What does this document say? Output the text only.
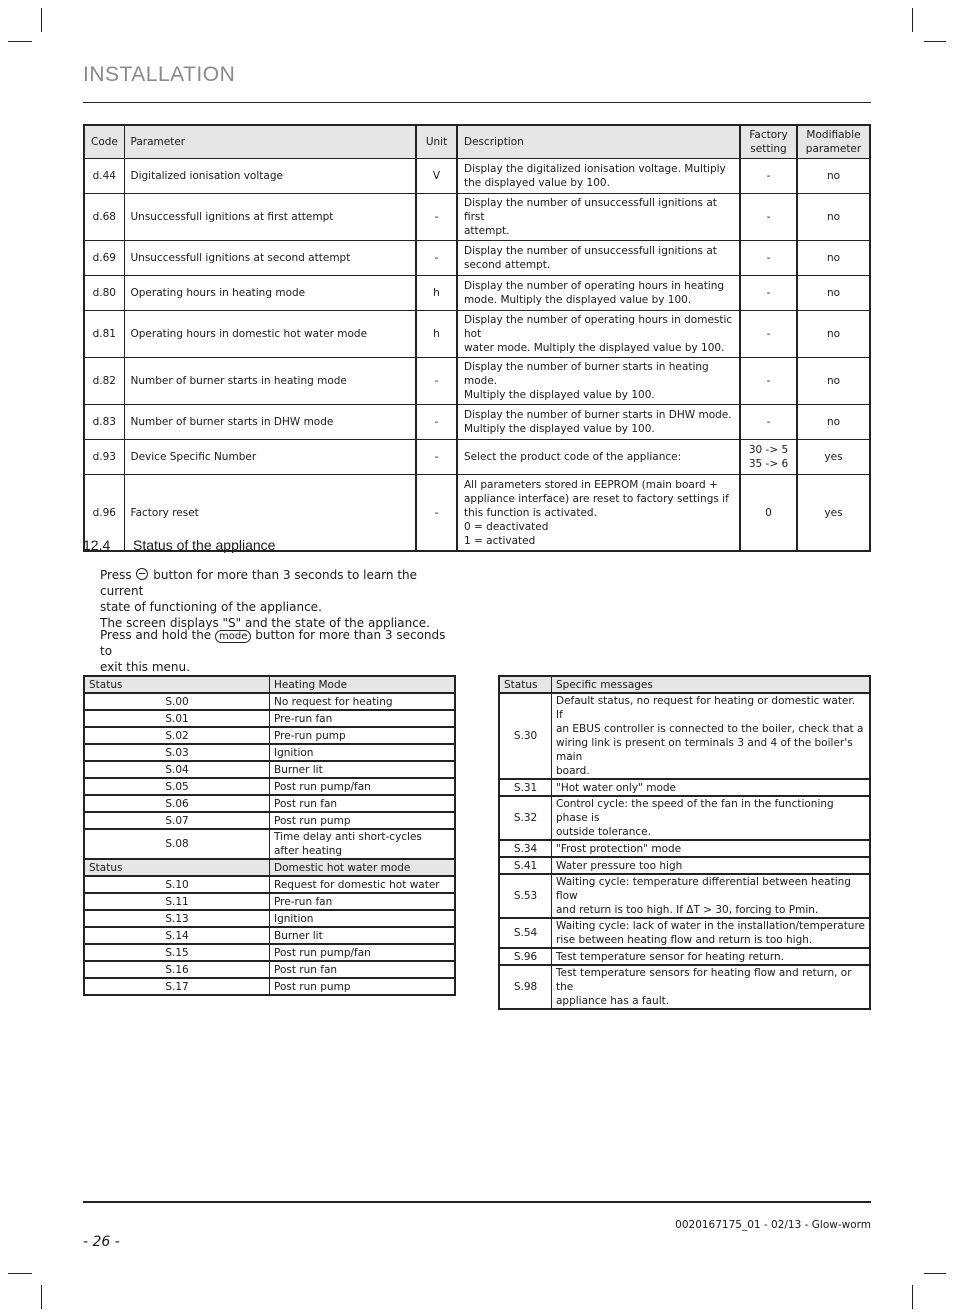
INSTALLATION
Code	Parameter	Unit	Description	Factory
setting	Modifiable
parameter
d.44	Digitalized ionisation voltage	V	Display the digitalized ionisation voltage. Multiply
the displayed value by 100.	-	no
d.68	Unsuccessfull ignitions at first attempt	-	Display the number of unsuccessfull ignitions at first
attempt.	-	no
d.69	Unsuccessfull ignitions at second attempt	-	Display the number of unsuccessfull ignitions at
second attempt.	-	no
d.80	Operating hours in heating mode	h	Display the number of operating hours in heating
mode. Multiply the displayed value by 100.	-	no
d.81	Operating hours in domestic hot water mode	h	Display the number of operating hours in domestic hot
water mode. Multiply the displayed value by 100.	-	no
d.82	Number of burner starts in heating mode	-	Display the number of burner starts in heating mode.
Multiply the displayed value by 100.	-	no
d.83	Number of burner starts in DHW mode	-	Display the number of burner starts in DHW mode.
Multiply the displayed value by 100.	-	no
d.93	Device Specific Number	-	Select the product code of the appliance:	30 -> 5
35 -> 6	yes
d.96	Factory reset	-	All parameters stored in EEPROM (main board +
appliance interface) are reset to factory settings if
this function is activated.
0 = deactivated
1 = activated	0	yes
12.4 Status of the appliance
Press button for more than 3 seconds to learn the current
state of functioning of the appliance.
The screen displays "S" and the state of the appliance.
Press and hold the mode button for more than 3 seconds to
exit this menu.
Status	Heating Mode
S.00	No request for heating
S.01	Pre-run fan
S.02	Pre-run pump
S.03	Ignition
S.04	Burner lit
S.05	Post run pump/fan
S.06	Post run fan
S.07	Post run pump
S.08	Time delay anti short-cycles after heating
Status	Domestic hot water mode
S.10	Request for domestic hot water
S.11	Pre-run fan
S.13	Ignition
S.14	Burner lit
S.15	Post run pump/fan
S.16	Post run fan
S.17	Post run pump
Status	Specific messages
S.30	Default status, no request for heating or domestic water. If
an EBUS controller is connected to the boiler, check that a
wiring link is present on terminals 3 and 4 of the boiler's main
board.
S.31	"Hot water only" mode
S.32	Control cycle: the speed of the fan in the functioning phase is
outside tolerance.
S.34	"Frost protection" mode
S.41	Water pressure too high
S.53	Waiting cycle: temperature differential between heating flow
and return is too high. If ΔT > 30, forcing to Pmin.
S.54	Waiting cycle: lack of water in the installation/temperature
rise between heating flow and return is too high.
S.96	Test temperature sensor for heating return.
S.98	Test temperature sensors for heating flow and return, or the
appliance has a fault.
0020167175_01 - 02/13 - Glow-worm
- 26 -
